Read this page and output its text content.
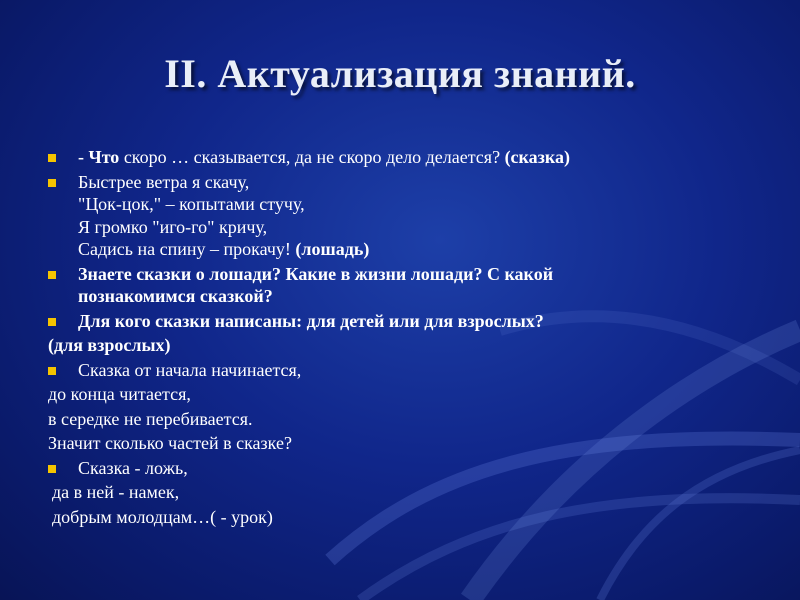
II. Актуализация знаний.
- Что скоро … сказывается, да не скоро дело делается? (сказка)
Быстрее ветра я скачу,
"Цок-цок," – копытами стучу,
Я громко "иго-го" кричу,
Садись на спину – прокачу! (лошадь)
Знаете сказки о лошади? Какие в жизни лошади? С какой
познакомимся сказкой?
Для кого сказки написаны: для детей или для взрослых?
(для взрослых)
Сказка от начала начинается,
до конца читается,
в середке не перебивается.
Значит сколько частей в сказке?
Сказка - ложь,
да в ней - намек,
добрым молодцам…( - урок)
